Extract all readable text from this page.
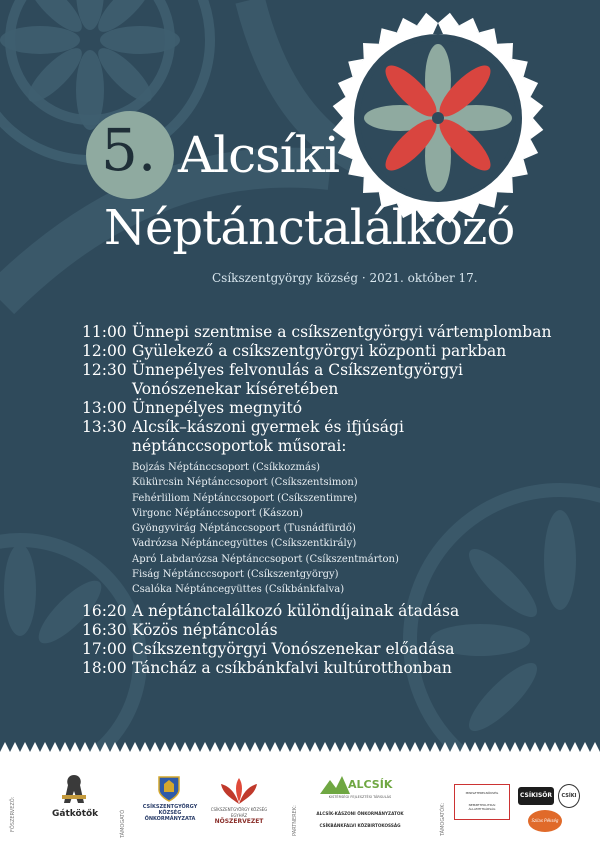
5. Alcsíki
Néptánctalálkozó
Csíkszentgyörgy község · 2021. október 17.
11:00 Ünnepi szentmise a csíkszentgyörgyi vártemplomban
12:00 Gyülekező a csíkszentgyörgyi központi parkban
12:30 Ünnepélyes felvonulás a Csíkszentgyörgyi
Vonószenekar kíséretében
13:00 Ünnepélyes megnyitó
13:30 Alcsík–kászoni gyermek és ifjúsági
néptánccsoportok műsorai:
Bojzás Néptánccsoport (Csíkkozmás)
Kükürcsin Néptánccsoport (Csíkszentsimon)
Fehérliliom Néptánccsoport (Csíkszentimre)
Virgonc Néptánccsoport (Kászon)
Gyöngyvirág Néptánccsoport (Tusnádfürdő)
Vadrózsa Néptáncegyüttes (Csíkszentkirály)
Apró Labdarózsa Néptánccsoport (Csíkszentmárton)
Fiság Néptánccsoport (Csíkszentgyörgy)
Csalóka Néptáncegyüttes (Csíkbánkfalva)
16:20 A néptánctalálkozó különdíjainak átadása
16:30 Közös néptáncolás
17:00 Csíkszentgyörgyi Vonószenekar előadása
18:00 Táncház a csíkbánkfalvi kultúrotthonban
FŐSZERVEZŐ:	Gátkötők	TÁMOGATÓ
CSÍKSZENTGYÖRGY
KÖZSÉG
ÖNKORMÁNYZATA
CSÍKSZENTGYÖRGY KÖZSÉG EGYHÁZ
NŐSZERVEZET	PARTNEREK:
ALCSÍK
KISTÉRSÉGI FEJLESZTÉSI TÁRSULÁS
ALCSÍK-KÁSZONI ÖNKORMÁNYZATOK
CSÍKBÁNKFALVI KÖZBIRTOKOSSÁG	TÁMOGATÓK:
MINISZTERELNÖKSÉG
NEMZETPOLITIKAI ÁLLAMTITKÁRSÁG
CSÍKISÖR	CSÍKI
Szilas Pékség
